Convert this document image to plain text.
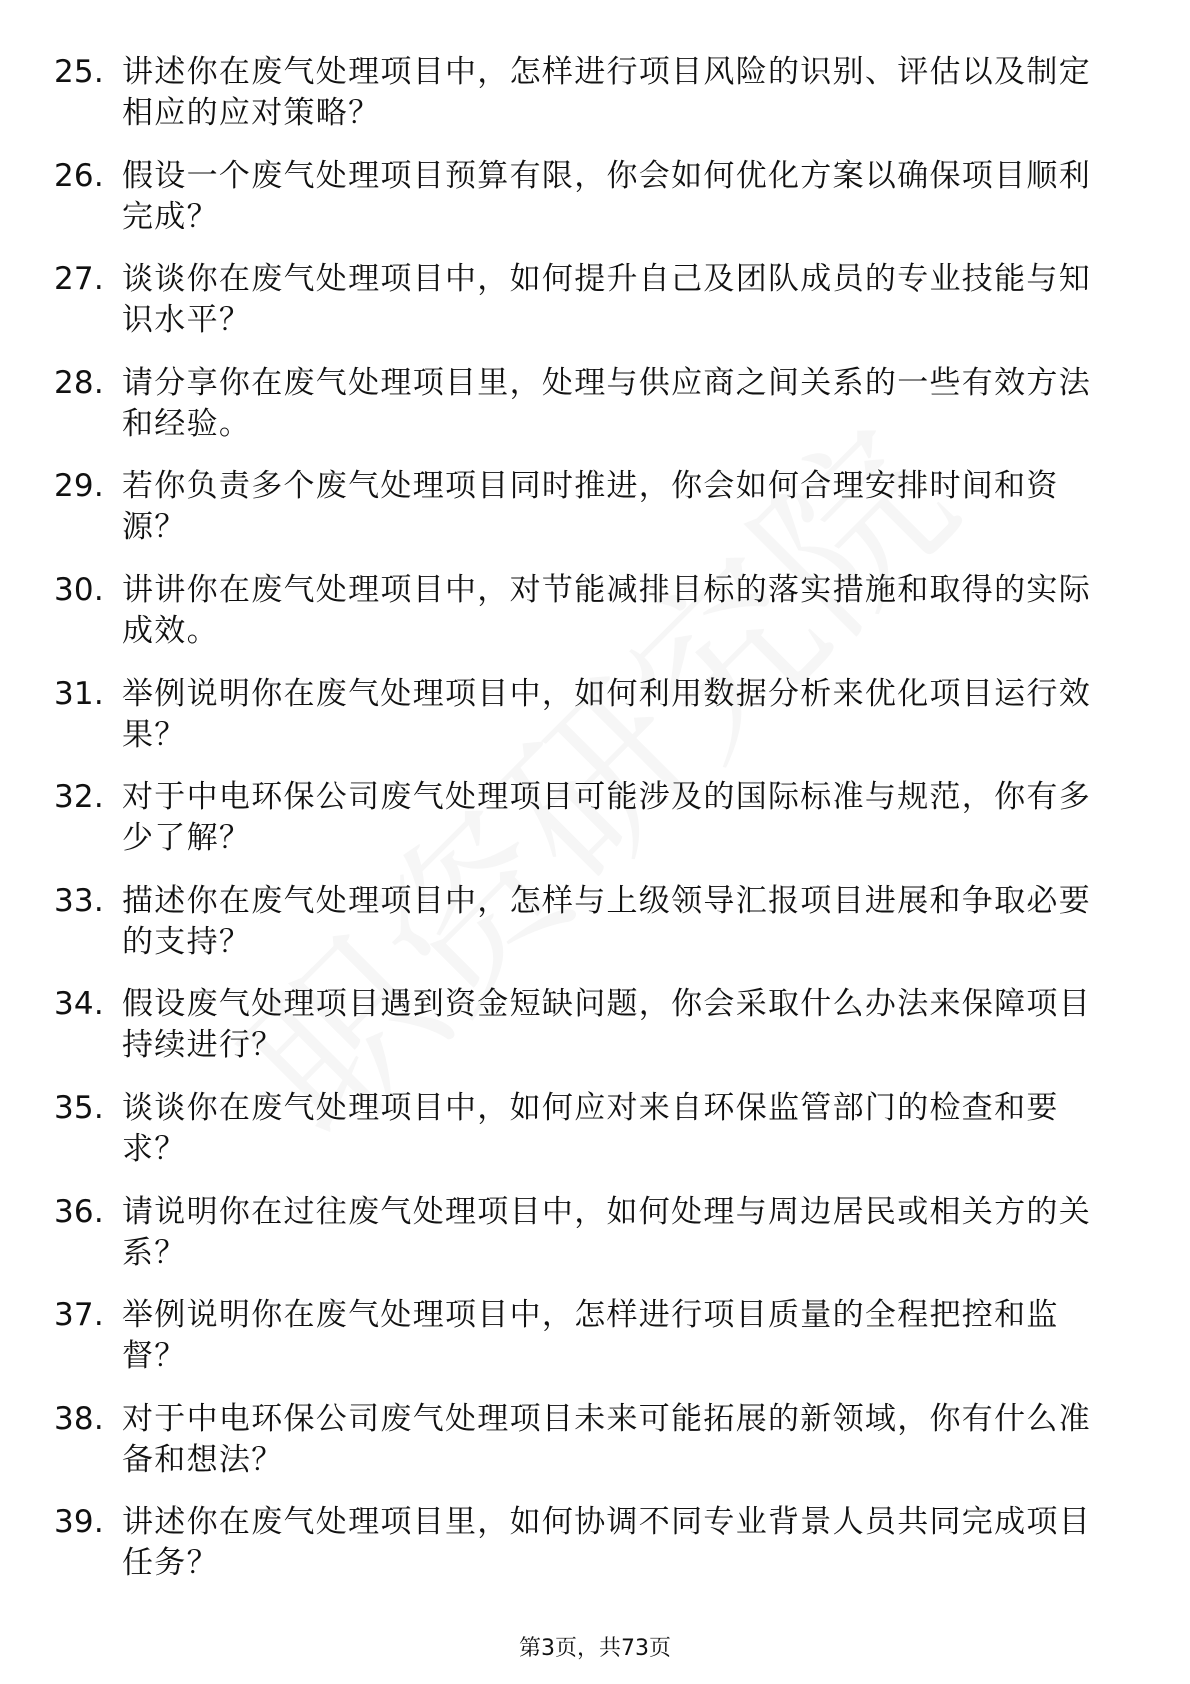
25. 讲述你在废气处理项目中，怎样进行项目风险的识别、评估以及制定相应的应对策略？
26. 假设一个废气处理项目预算有限，你会如何优化方案以确保项目顺利完成？
27. 谈谈你在废气处理项目中，如何提升自己及团队成员的专业技能与知识水平？
28. 请分享你在废气处理项目里，处理与供应商之间关系的一些有效方法和经验。
29. 若你负责多个废气处理项目同时推进，你会如何合理安排时间和资源？
30. 讲讲你在废气处理项目中，对节能减排目标的落实措施和取得的实际成效。
31. 举例说明你在废气处理项目中，如何利用数据分析来优化项目运行效果？
32. 对于中电环保公司废气处理项目可能涉及的国际标准与规范，你有多少了解？
33. 描述你在废气处理项目中，怎样与上级领导汇报项目进展和争取必要的支持？
34. 假设废气处理项目遇到资金短缺问题，你会采取什么办法来保障项目持续进行？
35. 谈谈你在废气处理项目中，如何应对来自环保监管部门的检查和要求？
36. 请说明你在过往废气处理项目中，如何处理与周边居民或相关方的关系？
37. 举例说明你在废气处理项目中，怎样进行项目质量的全程把控和监督？
38. 对于中电环保公司废气处理项目未来可能拓展的新领域，你有什么准备和想法？
39. 讲述你在废气处理项目里，如何协调不同专业背景人员共同完成项目任务？
第3页，共73页
